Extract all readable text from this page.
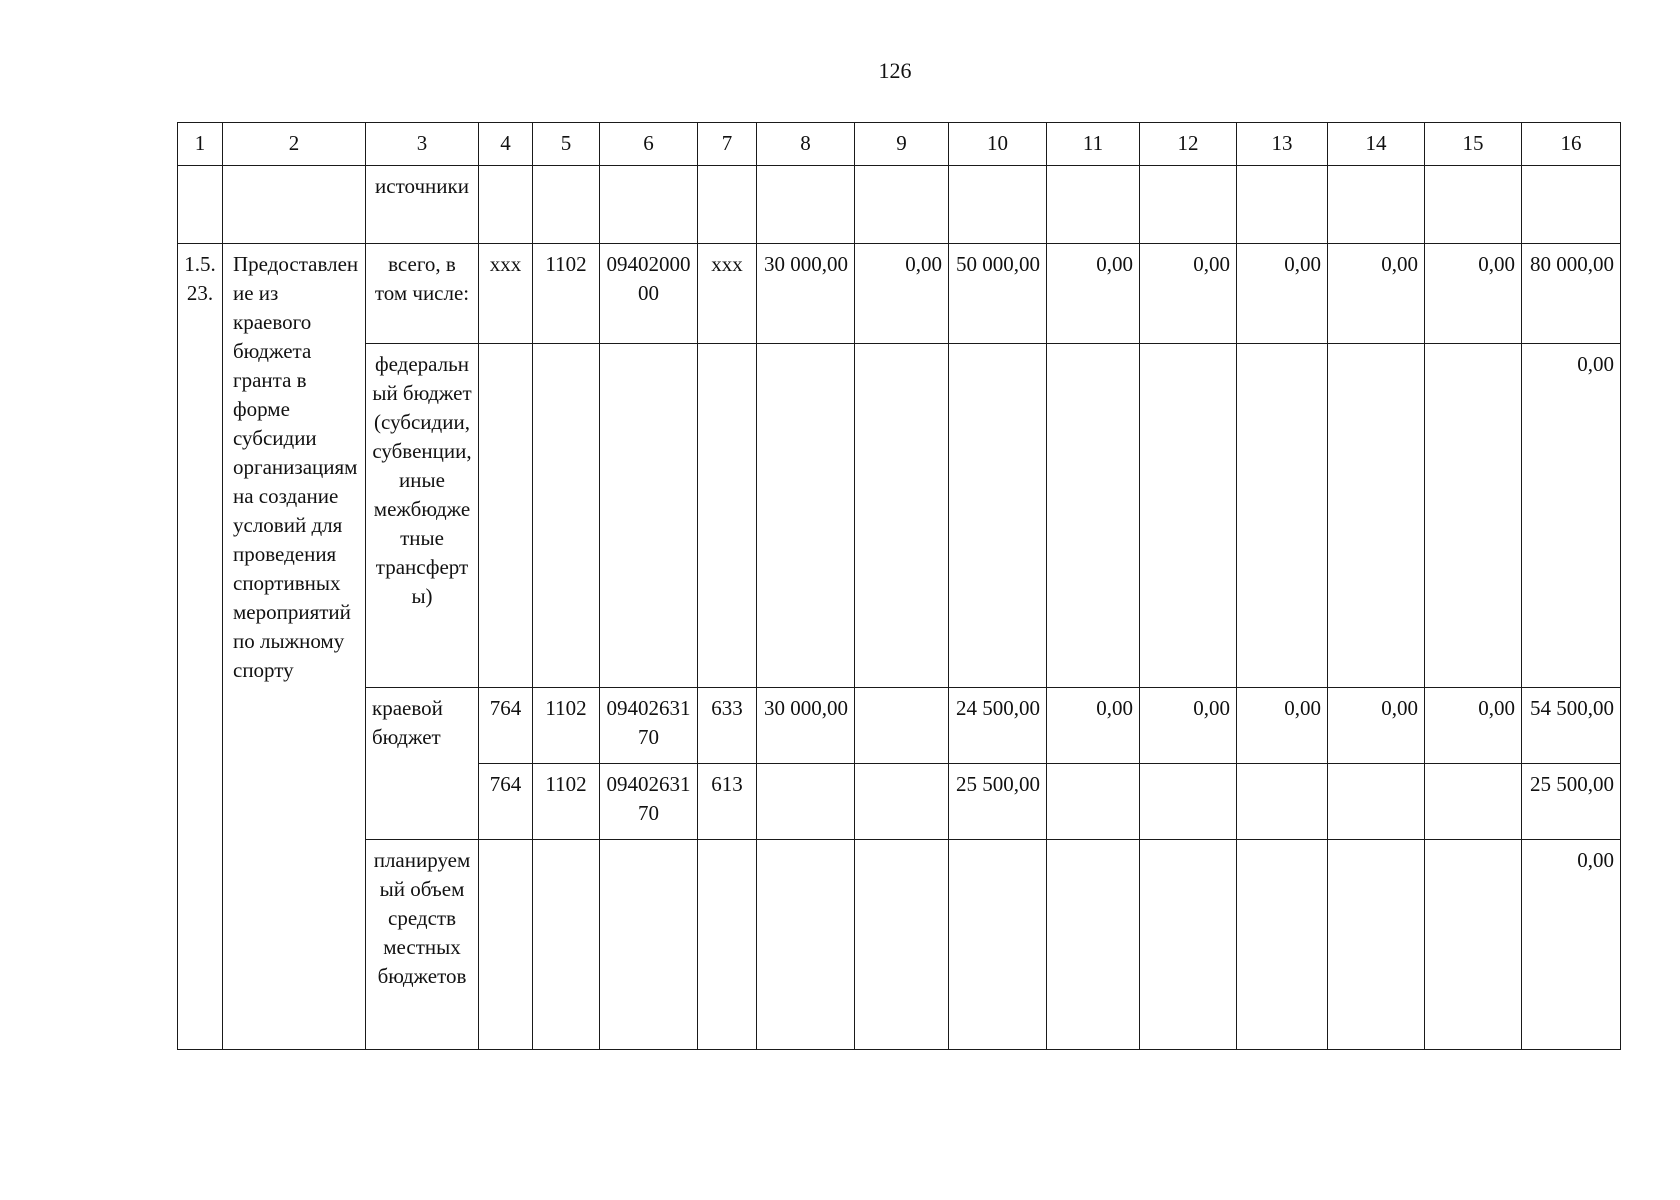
126
1	2	3	4	5	6	7	8	9	10	11	12	13	14	15	16
		источники													
1.5.23.	Предоставление из краевого бюджета гранта в форме субсидии организациям на создание условий для проведения спортивных мероприятий по лыжному спорту	всего, в том числе:	ххх	1102	0940200000	ххх	30 000,00	0,00	50 000,00	0,00	0,00	0,00	0,00	0,00	80 000,00
		федеральный бюджет (субсидии, субвенции, иные межбюджетные трансферты)													0,00
		краевой бюджет	764	1102	0940263170	633	30 000,00		24 500,00	0,00	0,00	0,00	0,00	0,00	54 500,00
			764	1102	0940263170	613			25 500,00						25 500,00
		планируемый объем средств местных бюджетов													0,00
